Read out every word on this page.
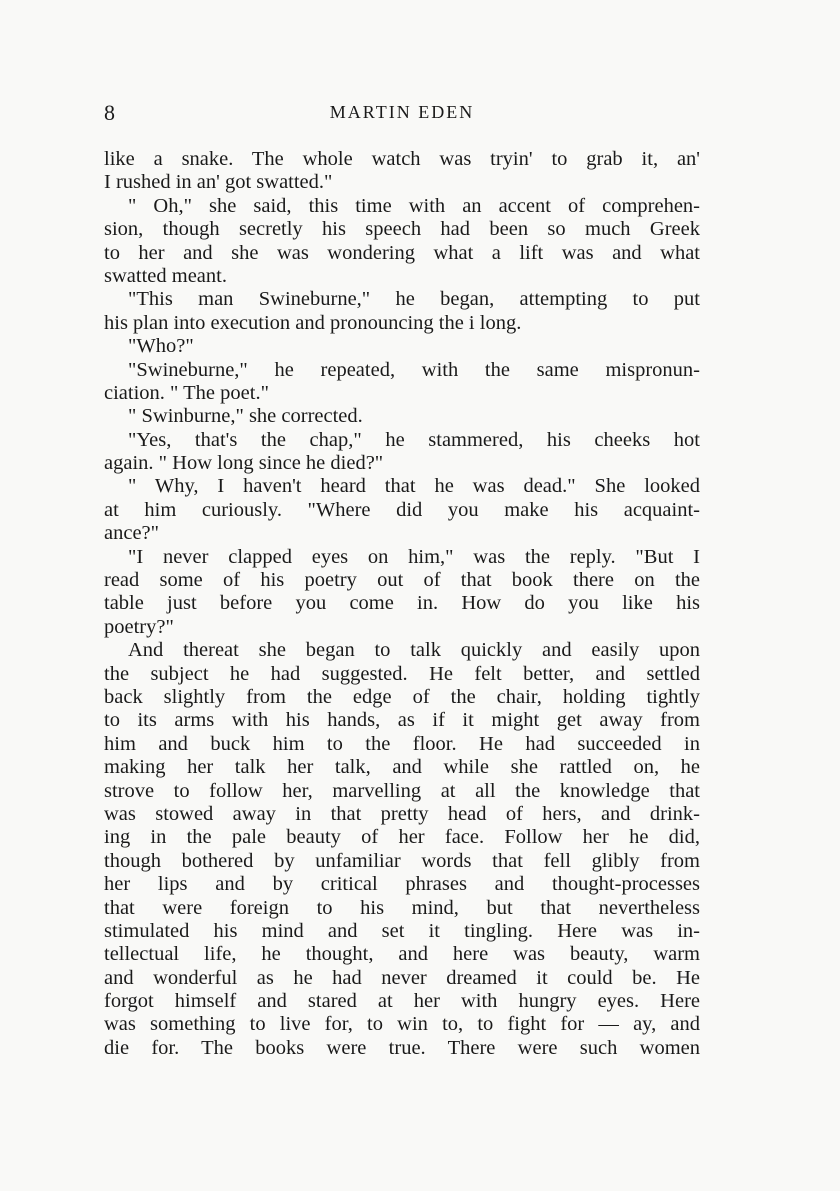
8	MARTIN EDEN
like a snake. The whole watch was tryin' to grab it, an'
I rushed in an' got swatted."
" Oh," she said, this time with an accent of comprehen-
sion, though secretly his speech had been so much Greek
to her and she was wondering what a lift was and what
swatted meant.
"This man Swineburne," he began, attempting to put
his plan into execution and pronouncing the i long.
"Who?"
"Swineburne," he repeated, with the same mispronun-
ciation. " The poet."
" Swinburne," she corrected.
"Yes, that's the chap," he stammered, his cheeks hot
again. " How long since he died?"
" Why, I haven't heard that he was dead." She looked
at him curiously. "Where did you make his acquaint-
ance?"
"I never clapped eyes on him," was the reply. "But I
read some of his poetry out of that book there on the
table just before you come in. How do you like his
poetry?"
And thereat she began to talk quickly and easily upon
the subject he had suggested. He felt better, and settled
back slightly from the edge of the chair, holding tightly
to its arms with his hands, as if it might get away from
him and buck him to the floor. He had succeeded in
making her talk her talk, and while she rattled on, he
strove to follow her, marvelling at all the knowledge that
was stowed away in that pretty head of hers, and drink-
ing in the pale beauty of her face. Follow her he did,
though bothered by unfamiliar words that fell glibly from
her lips and by critical phrases and thought-processes
that were foreign to his mind, but that nevertheless
stimulated his mind and set it tingling. Here was in-
tellectual life, he thought, and here was beauty, warm
and wonderful as he had never dreamed it could be. He
forgot himself and stared at her with hungry eyes. Here
was something to live for, to win to, to fight for — ay, and
die for. The books were true. There were such women
